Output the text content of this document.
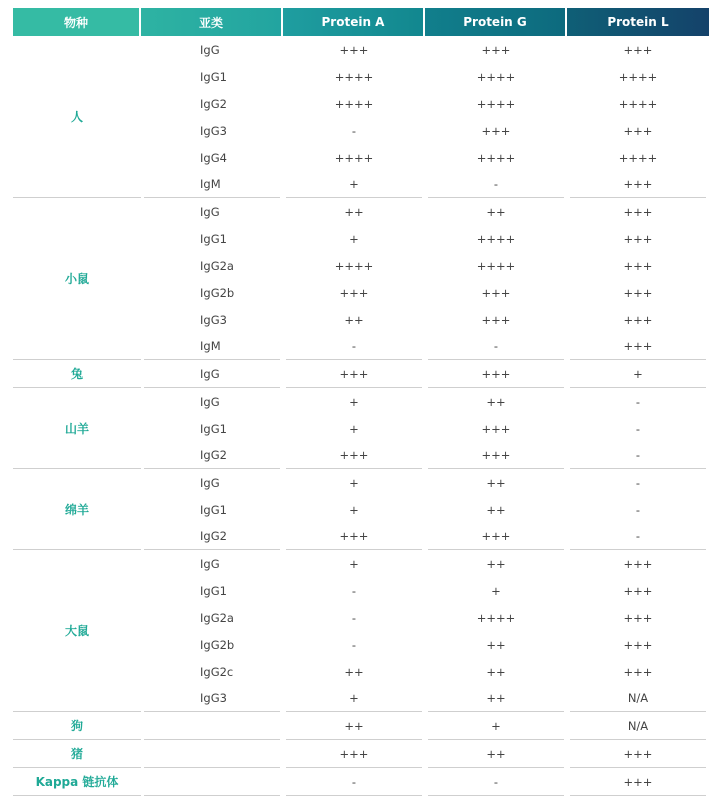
物种	亚类	Protein A	Protein G	Protein L
人	IgG	+++	+++	+++

	IgG1	++++	++++	++++

	IgG2	++++	++++	++++

	IgG3	-	+++	+++

	IgG4	++++	++++	++++

	IgM	+	-	+++

小鼠	IgG	++	++	+++

	IgG1	+	++++	+++

	IgG2a	++++	++++	+++

	IgG2b	+++	+++	+++

	IgG3	++	+++	+++

	IgM	-	-	+++

兔	IgG	+++	+++	+

山羊	IgG	+	++	-

	IgG1	+	+++	-

	IgG2	+++	+++	-

绵羊	IgG	+	++	-

	IgG1	+	++	-

	IgG2	+++	+++	-

大鼠	IgG	+	++	+++

	IgG1	-	+	+++

	IgG2a	-	++++	+++

	IgG2b	-	++	+++

	IgG2c	++	++	+++

	IgG3	+	++	N/A

狗		++	+	N/A

猪		+++	++	+++

Kappa 链抗体		-	-	+++
